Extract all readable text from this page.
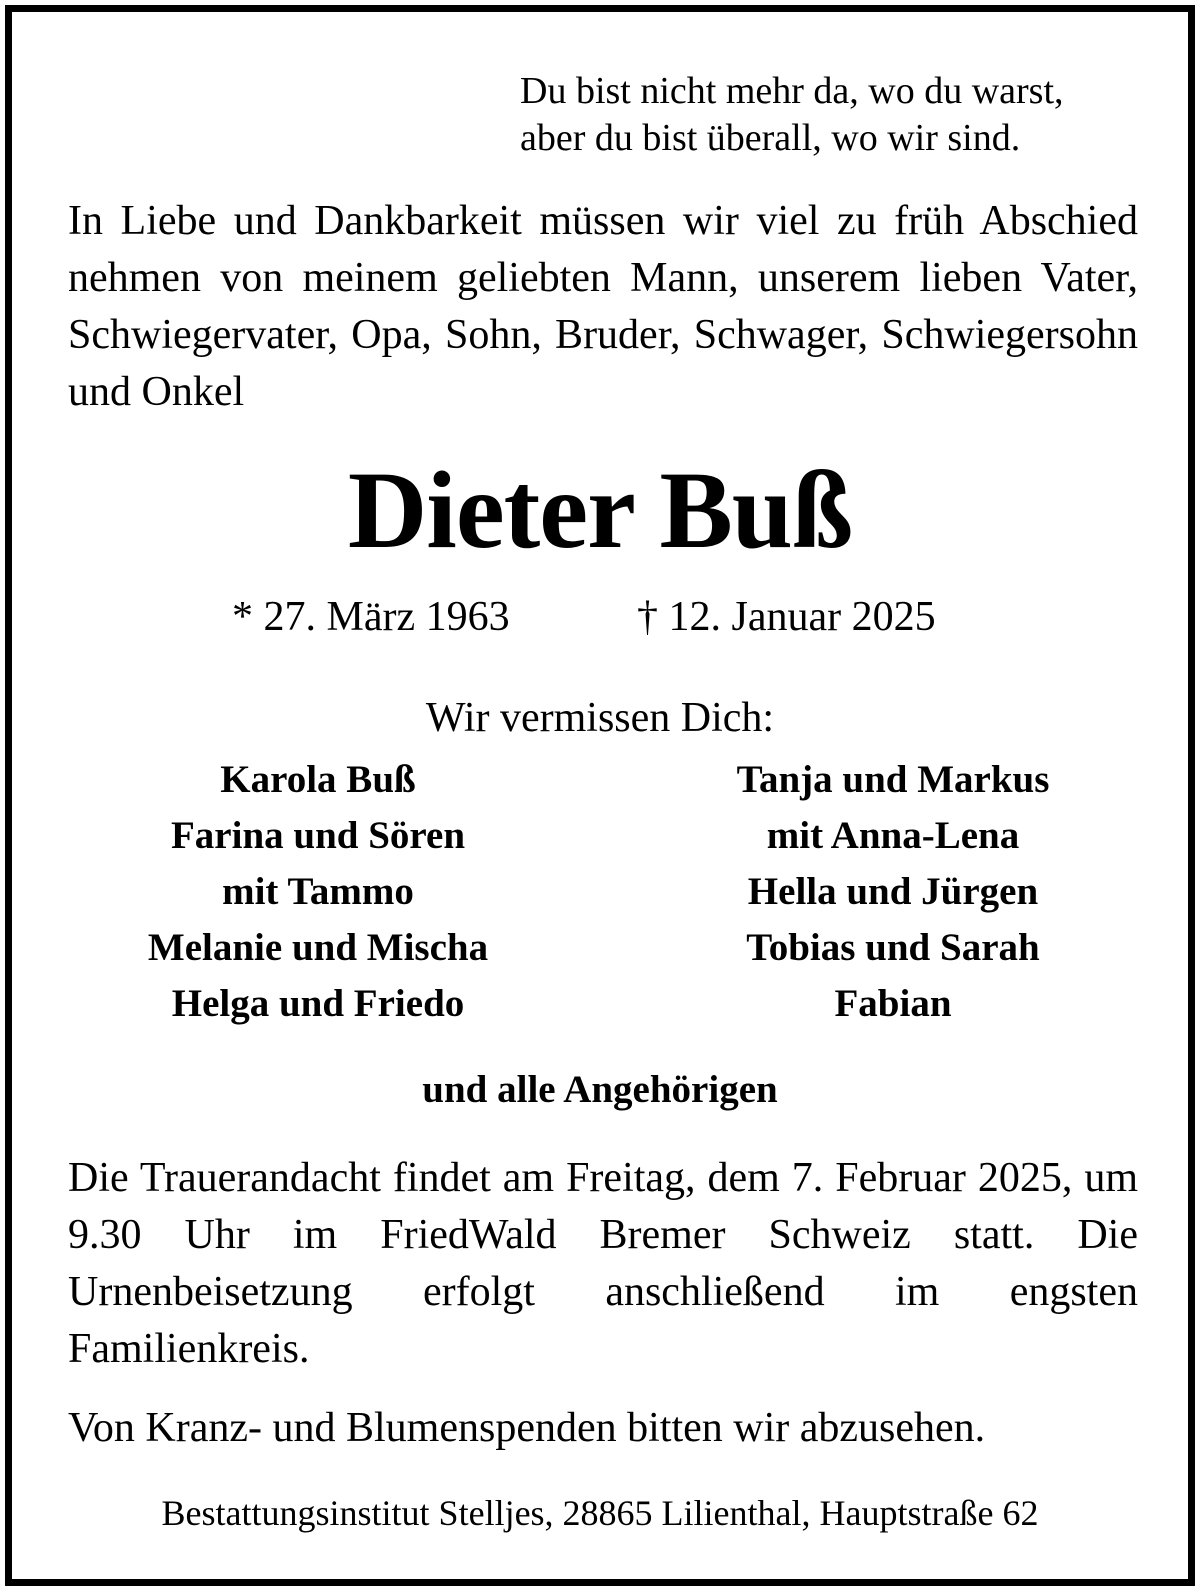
Du bist nicht mehr da, wo du warst,
aber du bist überall, wo wir sind.
In Liebe und Dankbarkeit müssen wir viel zu früh Abschied nehmen von meinem geliebten Mann, unserem lieben Vater, Schwiegervater, Opa, Sohn, Bruder, Schwager, Schwiegersohn und Onkel
Dieter Buß
* 27. März 1963	† 12. Januar 2025
Wir vermissen Dich:
Karola Buß
Farina und Sören
mit Tammo
Melanie und Mischa
Helga und Friedo
Tanja und Markus
mit Anna-Lena
Hella und Jürgen
Tobias und Sarah
Fabian
und alle Angehörigen
Die Trauerandacht findet am Freitag, dem 7. Februar 2025, um 9.30 Uhr im FriedWald Bremer Schweiz statt. Die Urnenbeisetzung erfolgt anschließend im engsten Familienkreis.
Von Kranz- und Blumenspenden bitten wir abzusehen.
Bestattungsinstitut Stelljes, 28865 Lilienthal, Hauptstraße 62
